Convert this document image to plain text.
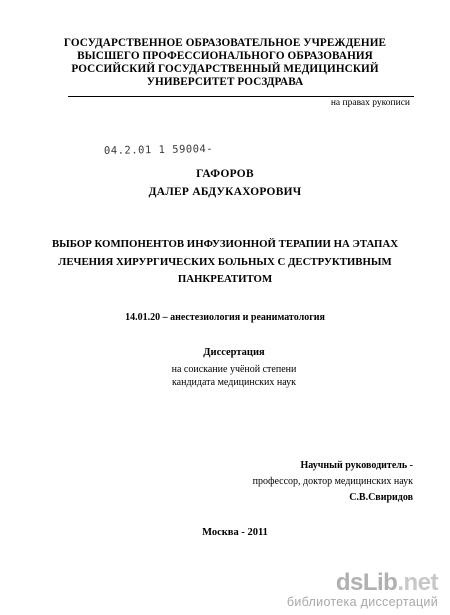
ГОСУДАРСТВЕННОЕ ОБРАЗОВАТЕЛЬНОЕ УЧРЕЖДЕНИЕ
ВЫСШЕГО ПРОФЕССИОНАЛЬНОГО ОБРАЗОВАНИЯ
РОССИЙСКИЙ ГОСУДАРСТВЕННЫЙ МЕДИЦИНСКИЙ
УНИВЕРСИТЕТ РОСЗДРАВА
на правах рукописи
04.2.01 1 59004-
ГАФОРОВ
ДАЛЕР АБДУКАХОРОВИЧ
ВЫБОР КОМПОНЕНТОВ ИНФУЗИОННОЙ ТЕРАПИИ НА ЭТАПАХ
ЛЕЧЕНИЯ ХИРУРГИЧЕСКИХ БОЛЬНЫХ С ДЕСТРУКТИВНЫМ
ПАНКРЕАТИТОМ
14.01.20 – анестезиология и реаниматология
Диссертация
на соискание учёной степени
кандидата медицинских наук
Научный руководитель -
профессор, доктор медицинских наук
С.В.Свиридов
Москва - 2011
dsLib.net
библиотека диссертаций
